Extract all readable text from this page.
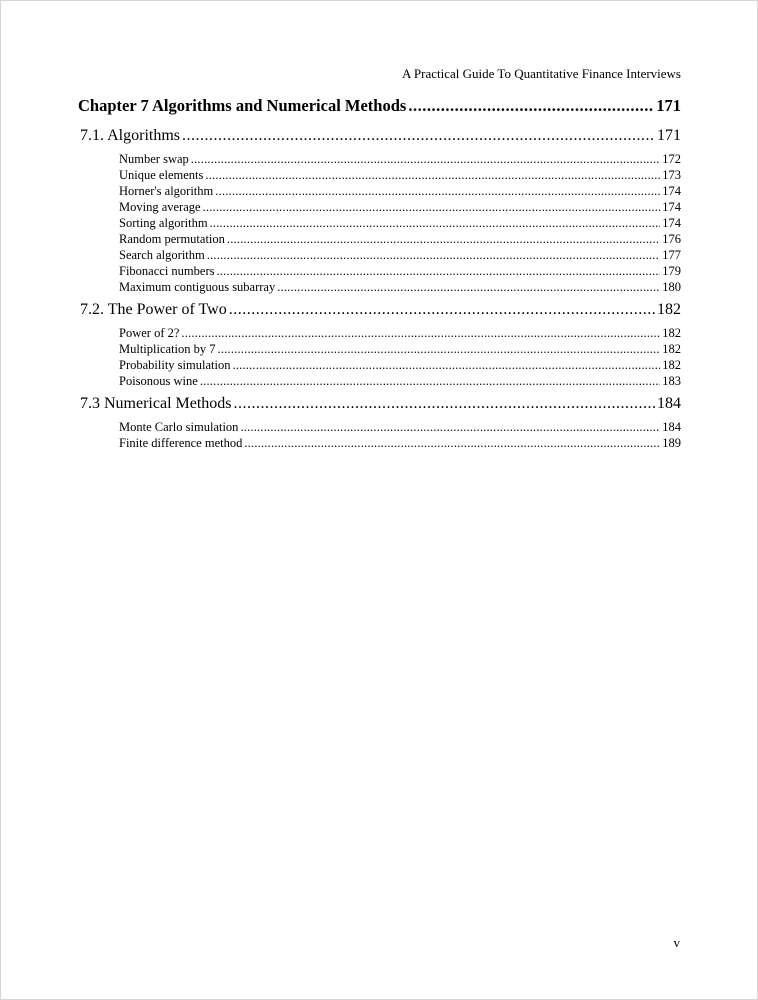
A Practical Guide To Quantitative Finance Interviews
Chapter 7 Algorithms and Numerical Methods .....	171
7.1. Algorithms .....	171
Number swap .....	172
Unique elements .....	173
Horner's algorithm .....	174
Moving average .....	174
Sorting algorithm .....	174
Random permutation .....	176
Search algorithm .....	177
Fibonacci numbers .....	179
Maximum contiguous subarray .....	180
7.2. The Power of Two .....	182
Power of 2? .....	182
Multiplication by 7 .....	182
Probability simulation .....	182
Poisonous wine .....	183
7.3 Numerical Methods .....	184
Monte Carlo simulation .....	184
Finite difference method .....	189
v
